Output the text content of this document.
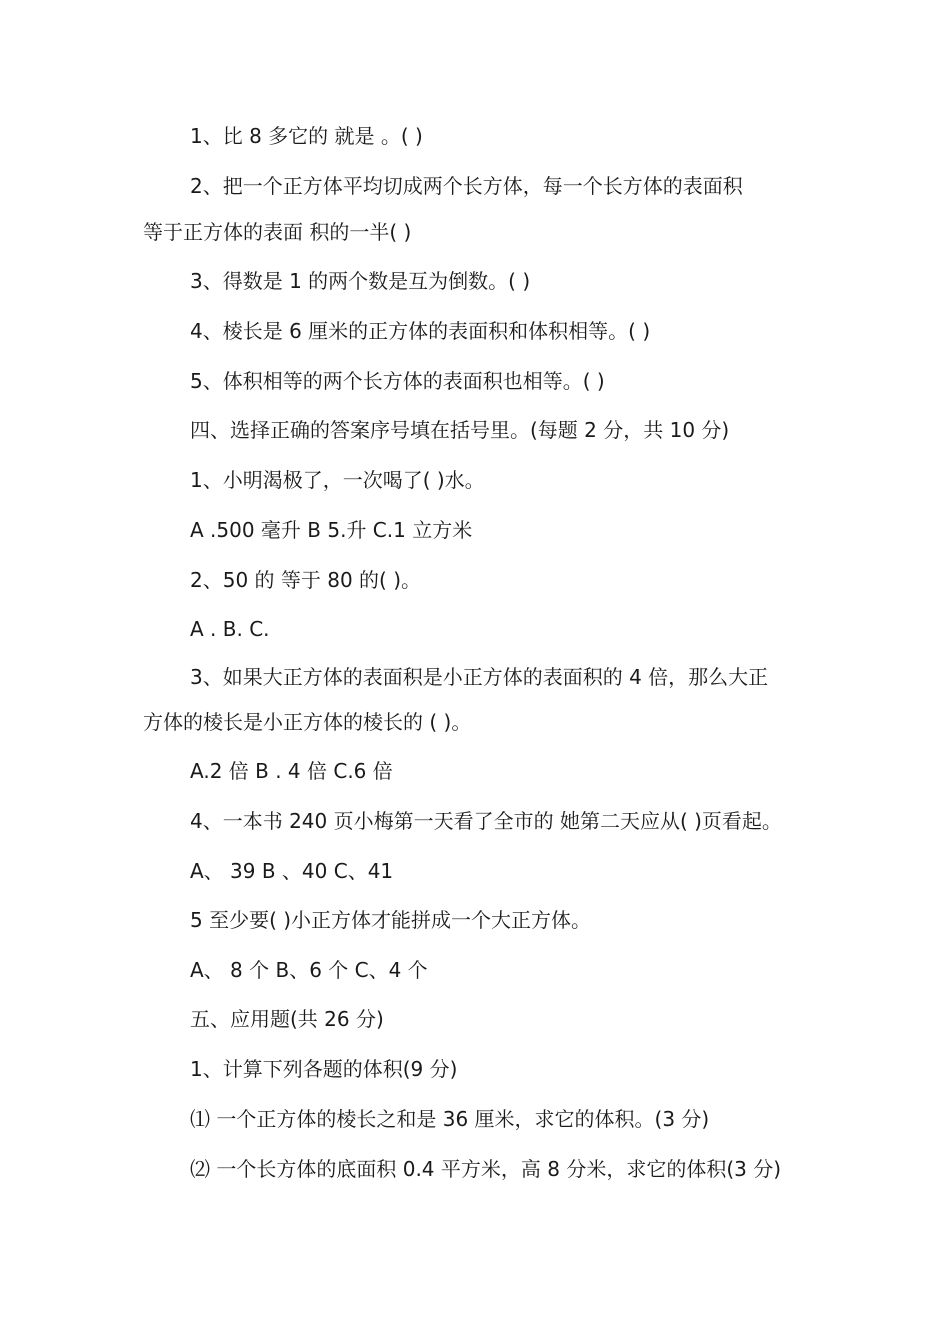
1、比 8 多它的 就是 。( )
2、把一个正方体平均切成两个长方体，每一个长方体的表面积
等于正方体的表面 积的一半( )
3、得数是 1 的两个数是互为倒数。( )
4、棱长是 6 厘米的正方体的表面积和体积相等。( )
5、体积相等的两个长方体的表面积也相等。( )
四、选择正确的答案序号填在括号里。(每题 2 分，共 10 分)
1、小明渴极了，一次喝了( )水。
A .500 毫升 B 5.升 C.1 立方米
2、50 的 等于 80 的( )。
A . B. C.
3、如果大正方体的表面积是小正方体的表面积的 4 倍，那么大正
方体的棱长是小正方体的棱长的 ( )。
A.2 倍 B . 4 倍 C.6 倍
4、一本书 240 页小梅第一天看了全市的 她第二天应从( )页看起。
A、 39 B 、40 C、41
5 至少要( )小正方体才能拼成一个大正方体。
A、 8 个 B、6 个 C、4 个
五、应用题(共 26 分)
1、计算下列各题的体积(9 分)
⑴ 一个正方体的棱长之和是 36 厘米，求它的体积。(3 分)
⑵ 一个长方体的底面积 0.4 平方米，高 8 分米，求它的体积(3 分)
